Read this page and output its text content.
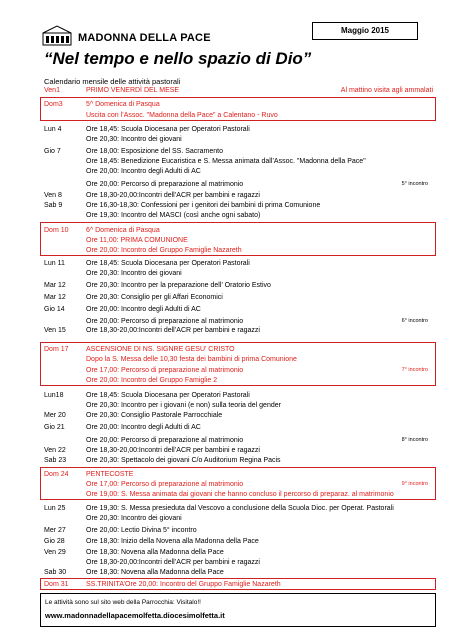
MADONNA DELLA PACE
Maggio 2015
“Nel tempo e nello spazio di Dio”
Calendario mensile delle attività pastorali
Ven1	PRIMO VENERDÌ DEL MESE	Al mattino visita agli ammalati
Dom3	5^ Domenica di Pasqua
Uscita con l’Assoc. "Madonna della Pace" a Calentano - Ruvo
Lun 4	Ore 18,45: Scuola Diocesana per Operatori Pastorali
Ore 20,30: Incontro dei giovani
Gio 7	Ore 18,00: Esposizione del SS. Sacramento
Ore 18,45: Benedizione Eucaristica e S. Messa animata dall’Assoc. "Madonna della Pace"
Ore 20,00: Incontro degli Adulti di AC
Ore 20,00: Percorso di preparazione al matrimonio	5° incontro
Ven 8	Ore 18,30-20,00:Incontri dell’ACR per bambini e ragazzi
Sab 9	Ore 16,30-18,30: Confessioni per i genitori dei bambini di prima Comunione
Ore 19,30: Incontro del MASCI (così anche ogni sabato)
Dom 10 6^ Domenica di Pasqua
Ore 11,00: PRIMA COMUNIONE
Ore 20,00: Incontro del Gruppo Famiglie Nazareth
Lun 11	Ore 18,45: Scuola Diocesana per Operatori Pastorali
Ore 20,30: Incontro dei giovani
Mar 12	Ore 20,30: Incontro per la preparazione dell’ Oratorio Estivo
Mar 12	Ore 20,30: Consiglio per gli Affari Economici
Gio 14	Ore 20,00: Incontro degli Adulti di AC
Ore 20,00: Percorso di preparazione al matrimonio	6° incontro
Ven 15	Ore 18,30-20,00:Incontri dell’ACR per bambini e ragazzi
Dom 17 ASCENSIONE DI NS. SIGNRE GESU’ CRISTO
Dopo la S. Messa delle 10,30 festa dei bambini di prima Comunione
Ore 17,00: Percorso di preparazione al matrimonio	7° incontro
Ore 20,00: Incontro del Gruppo Famiglie 2
Lun18	Ore 18,45: Scuola Diocesana per Operatori Pastorali
Ore 20,30: Incontro per i giovani (e non) sulla teoria del gender
Mer 20	Ore 20,30: Consiglio Pastorale Parrocchiale
Gio 21	Ore 20,00: Incontro degli Adulti di AC
Ore 20,00: Percorso di preparazione al matrimonio	8° incontro
Ven 22	Ore 18,30-20,00:Incontri dell’ACR per bambini e ragazzi
Sab 23	Ore 20,30: Spettacolo dei giovani C/o Auditorium Regina Pacis
Dom 24 PENTECOSTE
Ore 17,00: Percorso di preparazione al matrimonio	9° incontro
Ore 19,00: S. Messa animata dai giovani che hanno concluso il percorso di preparaz. al matrimonio
Lun 25	Ore 19,30: S. Messa presieduta dal Vescovo a conclusione della Scuola Dioc. per Operat. Pastorali
Ore 20,30: Incontro dei giovani
Mer 27	Ore 20,00: Lectio Divina 5° incontro
Gio 28	Ore 18,30: Inizio della Novena alla Madonna della Pace
Ven 29	Ore 18,30: Novena alla Madonna della Pace
Ore 18,30-20,00:Incontri dell’ACR per bambini e ragazzi
Sab 30	Ore 18,30: Novena alla Madonna della Pace
Dom 31 SS.TRINITA’Ore 20,00: Incontro del Gruppo Famiglie Nazareth
Le attività sono sul sito web della Parrocchia: Visitalo!!
www.madonnadellapacemolfetta.diocesimolfetta.it
